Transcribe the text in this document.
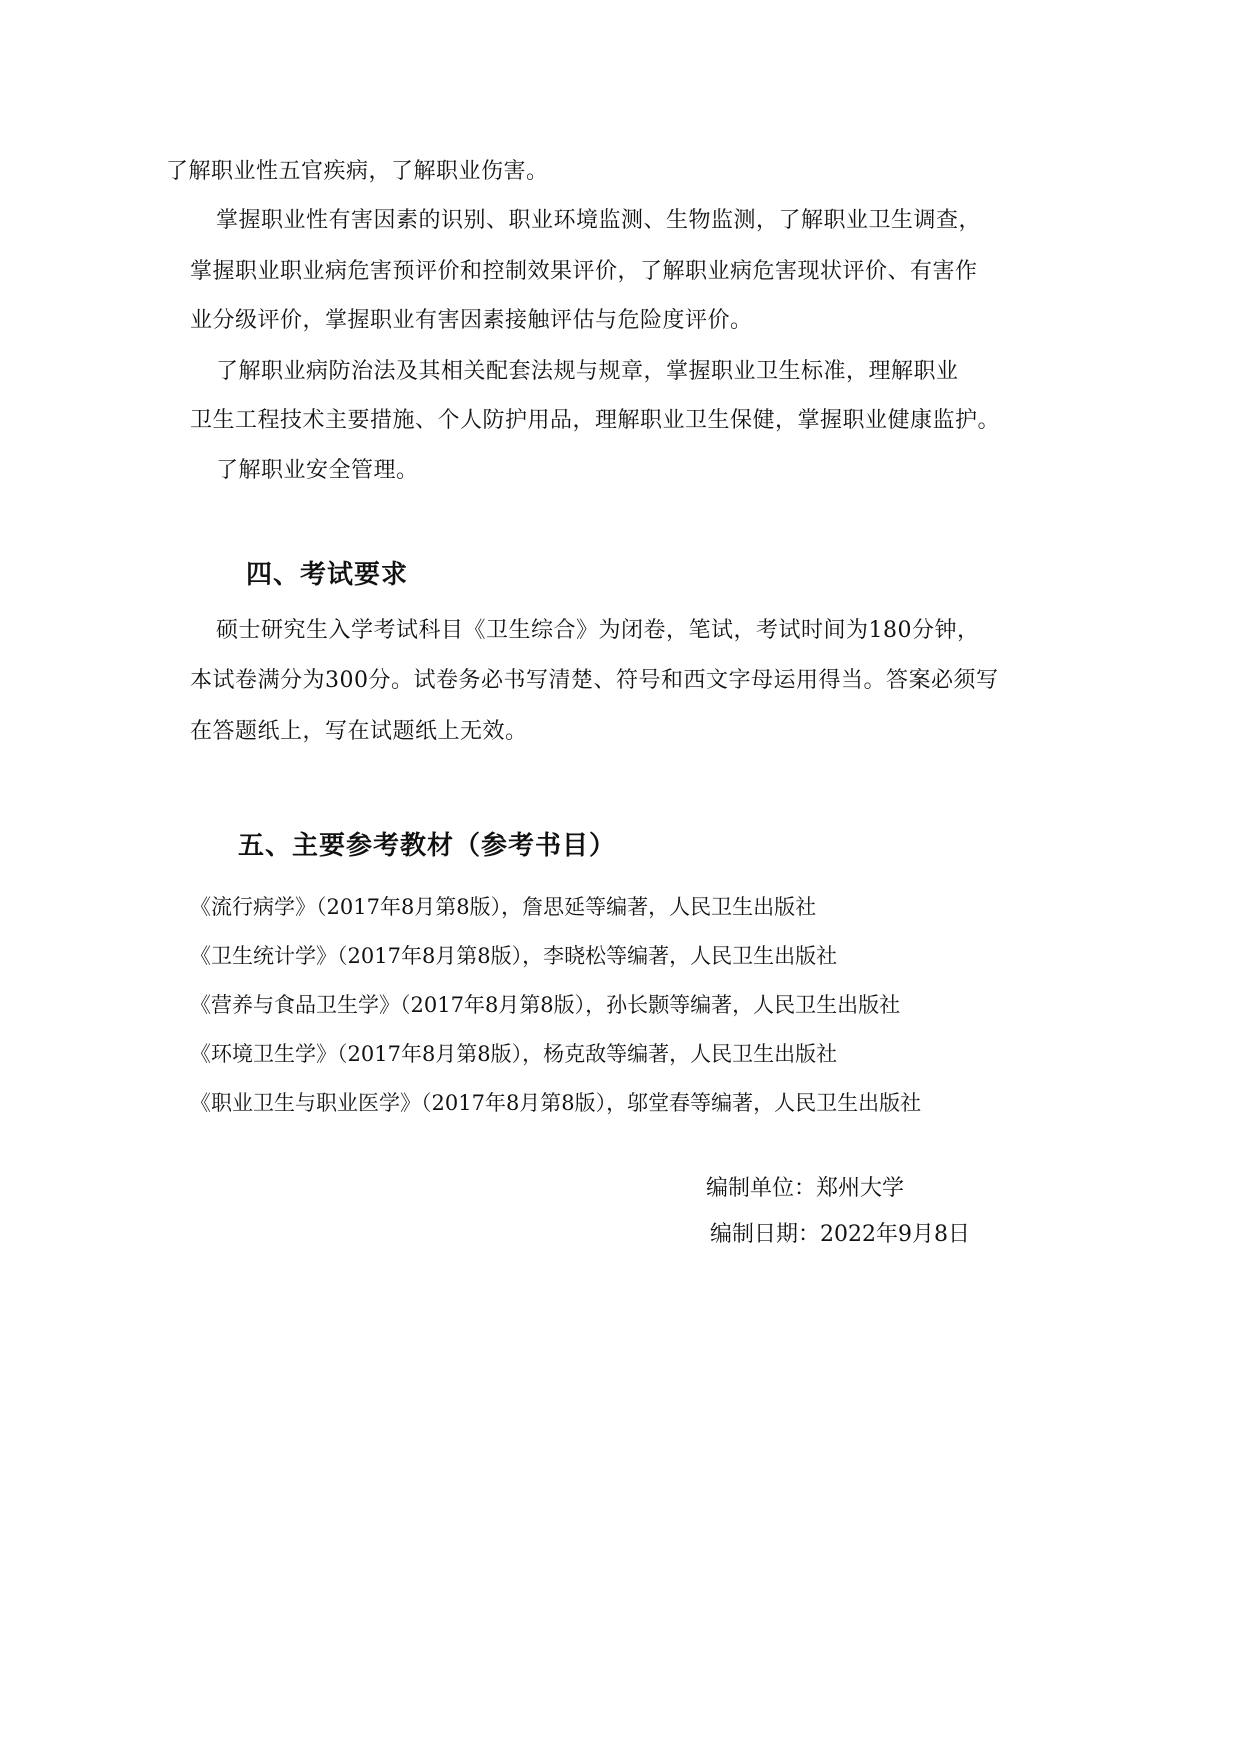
了解职业性五官疾病，了解职业伤害。
掌握职业性有害因素的识别、职业环境监测、生物监测，了解职业卫生调查，
掌握职业职业病危害预评价和控制效果评价，了解职业病危害现状评价、有害作
业分级评价，掌握职业有害因素接触评估与危险度评价。
了解职业病防治法及其相关配套法规与规章，掌握职业卫生标准，理解职业
卫生工程技术主要措施、个人防护用品，理解职业卫生保健，掌握职业健康监护。
了解职业安全管理。
四、考试要求
硕士研究生入学考试科目《卫生综合》为闭卷，笔试，考试时间为180分钟，
本试卷满分为300分。试卷务必书写清楚、符号和西文字母运用得当。答案必须写
在答题纸上，写在试题纸上无效。
五、主要参考教材（参考书目）
《流行病学》（2017年8月第8版），詹思延等编著，人民卫生出版社
《卫生统计学》（2017年8月第8版），李晓松等编著，人民卫生出版社
《营养与食品卫生学》（2017年8月第8版），孙长颢等编著，人民卫生出版社
《环境卫生学》（2017年8月第8版），杨克敌等编著，人民卫生出版社
《职业卫生与职业医学》（2017年8月第8版），邬堂春等编著，人民卫生出版社
编制单位：郑州大学
编制日期：2022年9月8日
